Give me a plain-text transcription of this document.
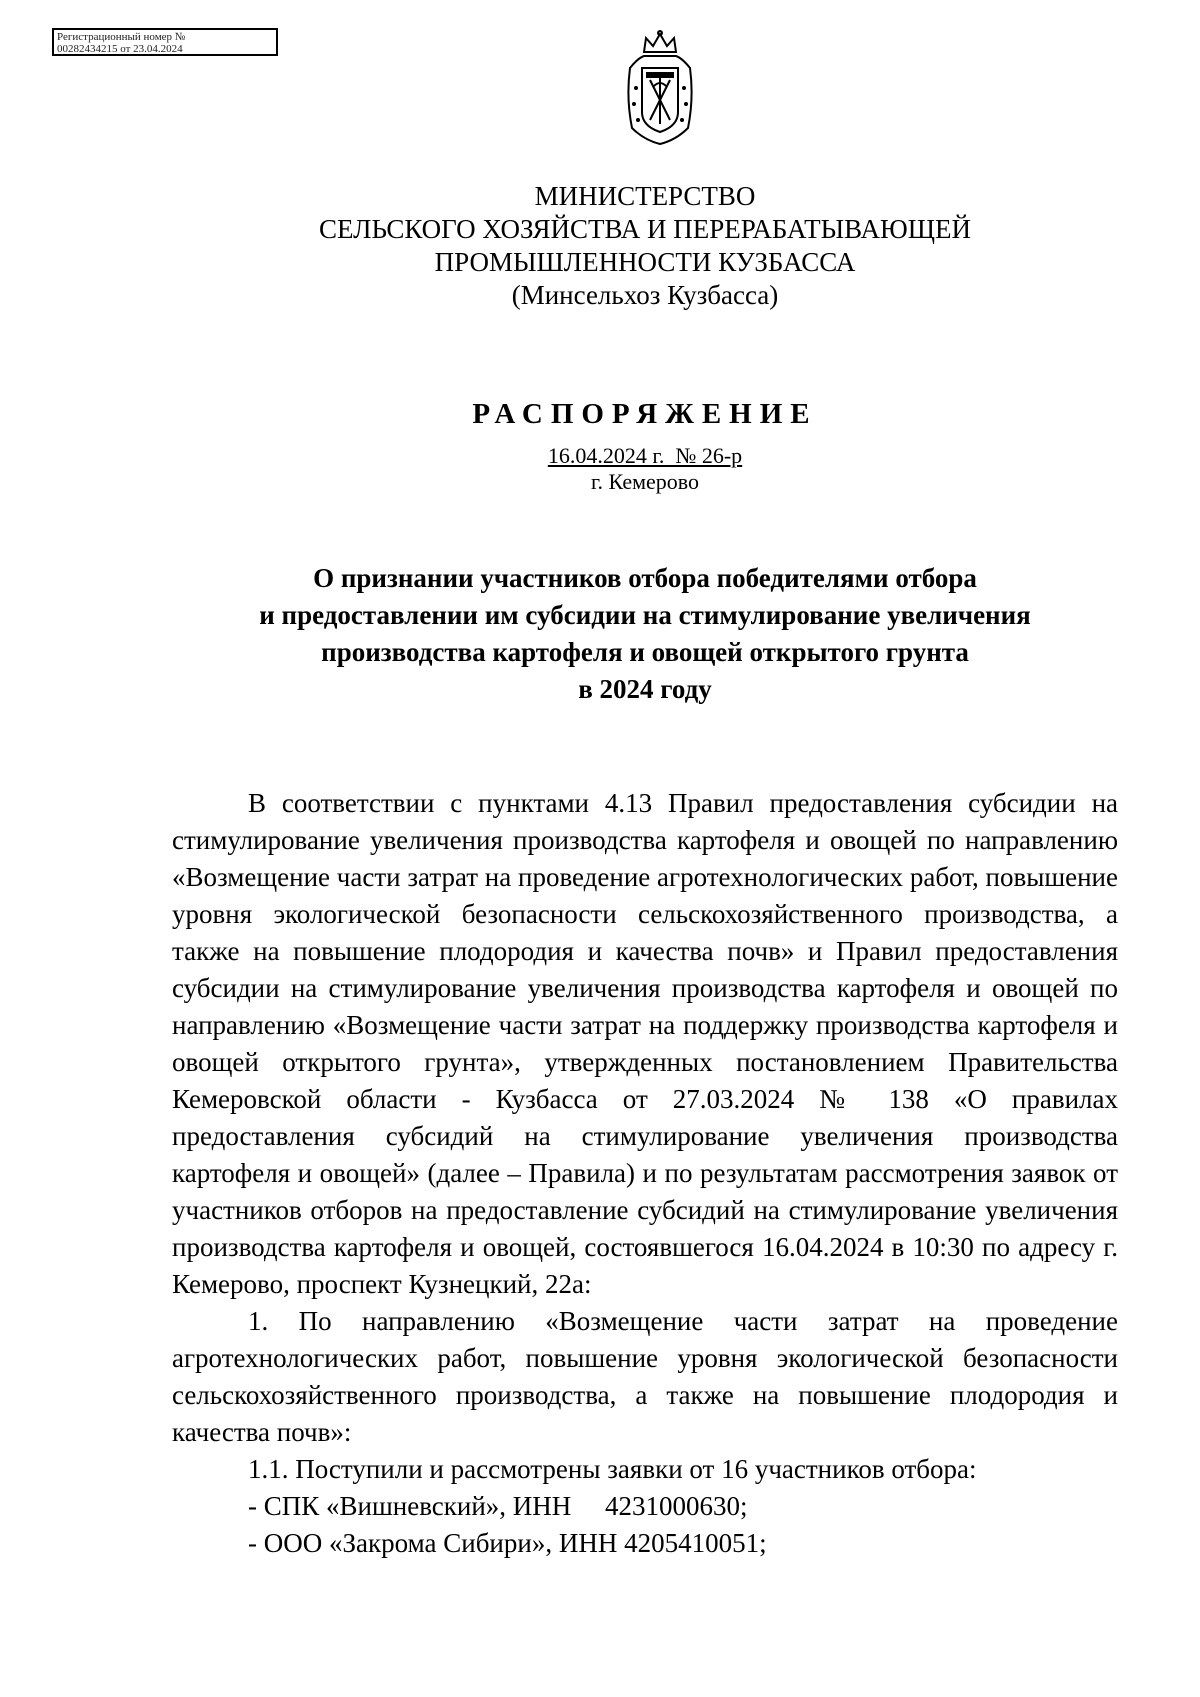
Регистрационный номер №
00282434215 от 23.04.2024
МИНИСТЕРСТВО
СЕЛЬСКОГО ХОЗЯЙСТВА И ПЕРЕРАБАТЫВАЮЩЕЙ
ПРОМЫШЛЕННОСТИ КУЗБАССА
(Минсельхоз Кузбасса)
РАСПОРЯЖЕНИЕ
16.04.2024 г.  № 26-р
г. Кемерово
О признании участников отбора победителями отбора
и предоставлении им субсидии на стимулирование увеличения
производства картофеля и овощей открытого грунта
в 2024 году

В соответствии с пунктами 4.13 Правил предоставления субсидии на стимулирование увеличения производства картофеля и овощей по направлению «Возмещение части затрат на проведение агротехнологических работ, повышение уровня экологической безопасности сельскохозяйственного производства, а также на повышение плодородия и качества почв» и Правил предоставления субсидии на стимулирование увеличения производства картофеля и овощей по направлению «Возмещение части затрат на поддержку производства картофеля и овощей открытого грунта», утвержденных постановлением Правительства Кемеровской области - Кузбасса от 27.03.2024 № 138 «О правилах предоставления субсидий на стимулирование увеличения производства картофеля и овощей» (далее – Правила) и по результатам рассмотрения заявок от участников отборов на предоставление субсидий на стимулирование увеличения производства картофеля и овощей, состоявшегося 16.04.2024 в 10:30 по адресу г. Кемерово, проспект Кузнецкий, 22а:

1. По направлению «Возмещение части затрат на проведение агротехнологических работ, повышение уровня экологической безопасности сельскохозяйственного производства, а также на повышение плодородия и качества почв»:

1.1. Поступили и рассмотрены заявки от 16 участников отбора:

- СПК «Вишневский», ИНН     4231000630;

- ООО «Закрома Сибири», ИНН 4205410051;
